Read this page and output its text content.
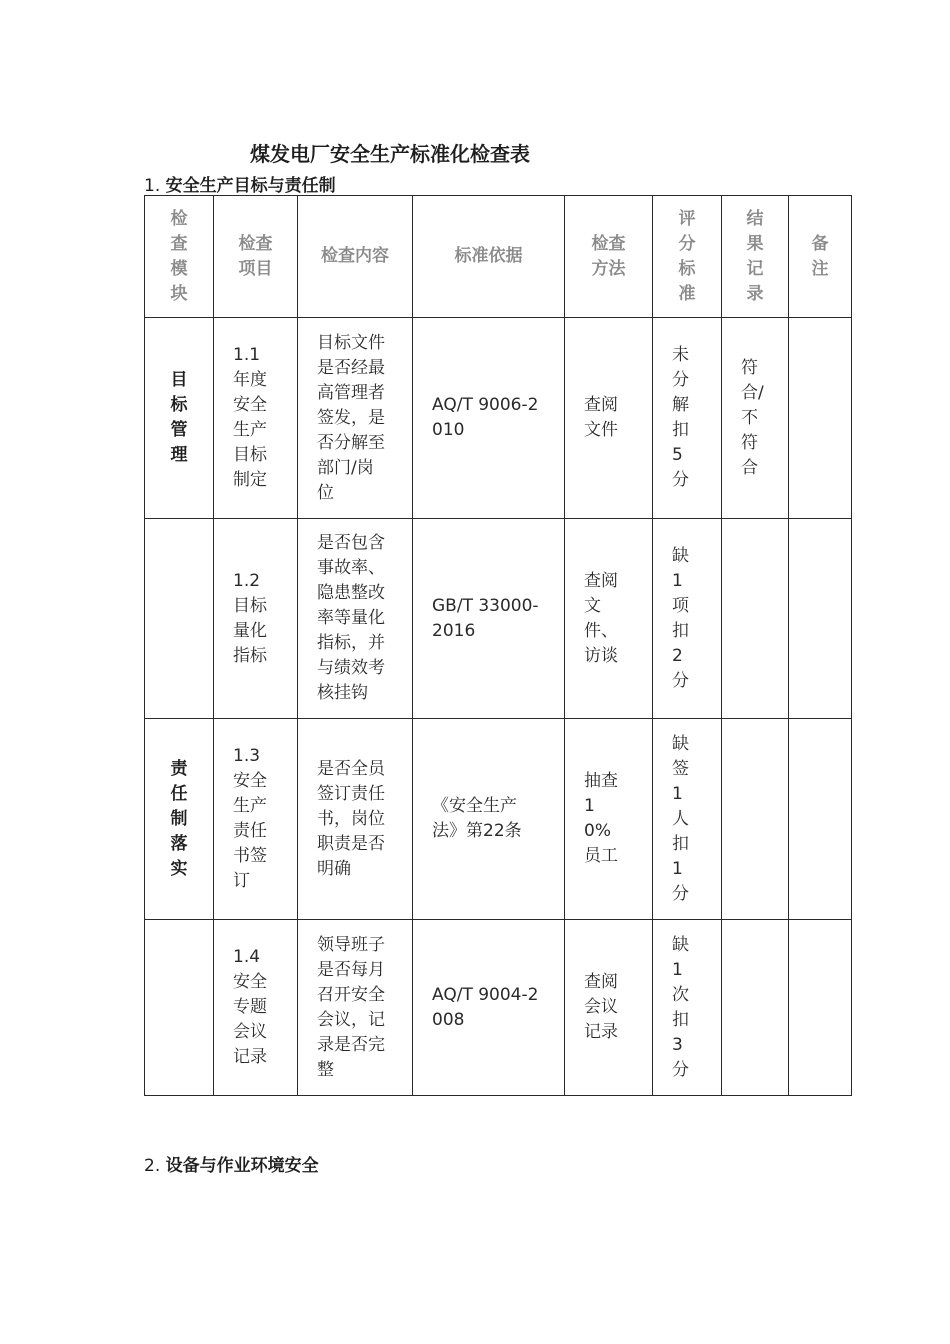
煤发电厂安全生产标准化检查表
1. 安全生产目标与责任制
检查模块	检查项目	检查内容	标准依据	检查方法	评分标准	结果记录	备注
目标管理	1.1 年度安全生产目标制定	目标文件是否经最高管理者签发，是否分解至部门/岗位	AQ/T 9006-2010	查阅文件	未分解扣5分	符合/不符合	

	1.2 目标量化指标	是否包含事故率、隐患整改率等量化指标，并与绩效考核挂钩	GB/T 33000-2016	查阅文件、访谈	缺1项扣2分		

责任制落实	1.3 安全生产责任书签订	是否全员签订责任书，岗位职责是否明确	《安全生产法》第22条	抽查10%员工	缺签1人扣1分		

	1.4 安全专题会议记录	领导班子是否每月召开安全会议，记录是否完整	AQ/T 9004-2008	查阅会议记录	缺1次扣3分		

2. 设备与作业环境安全
